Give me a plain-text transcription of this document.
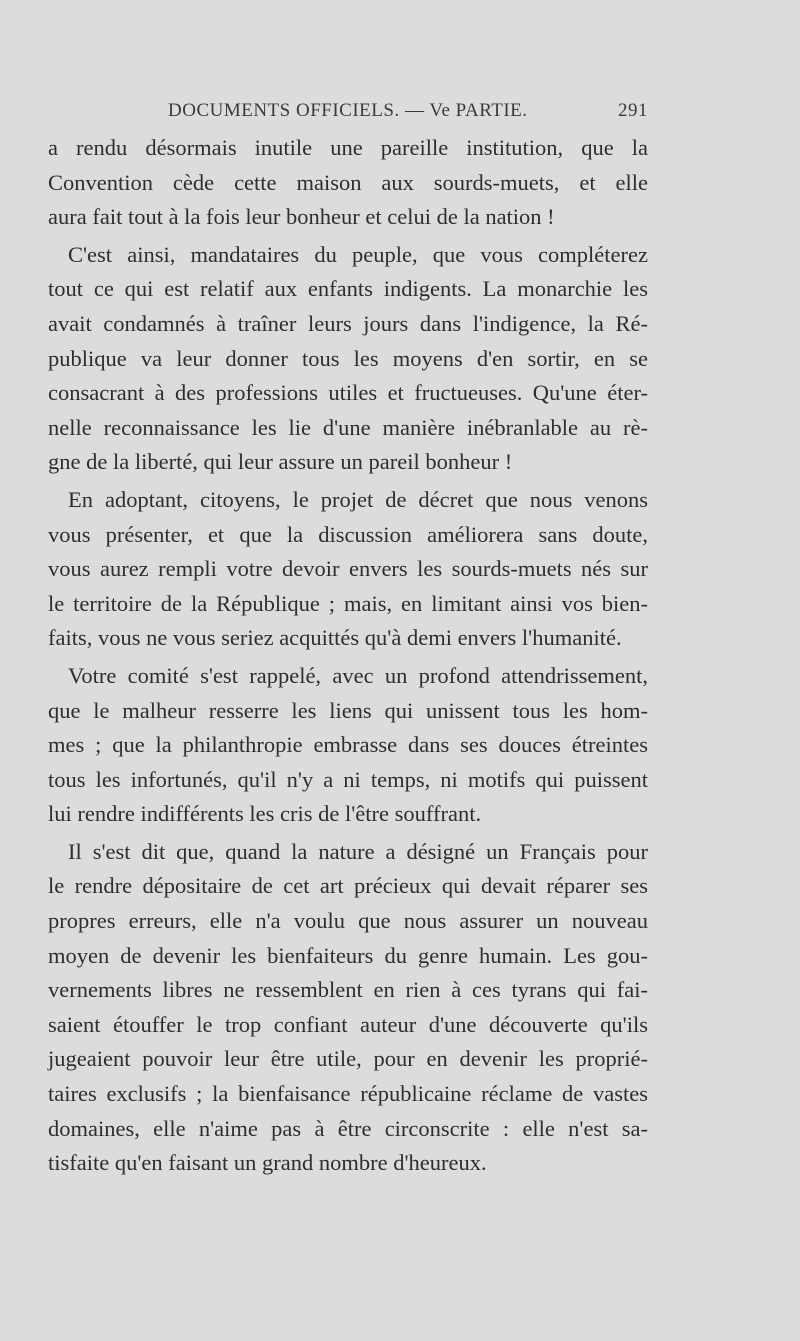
DOCUMENTS OFFICIELS. — Ve PARTIE.	291
a rendu désormais inutile une pareille institution, que la
Convention cède cette maison aux sourds-muets, et elle
aura fait tout à la fois leur bonheur et celui de la nation !
C'est ainsi, mandataires du peuple, que vous compléterez
tout ce qui est relatif aux enfants indigents. La monarchie les
avait condamnés à traîner leurs jours dans l'indigence, la Ré-
publique va leur donner tous les moyens d'en sortir, en se
consacrant à des professions utiles et fructueuses. Qu'une éter-
nelle reconnaissance les lie d'une manière inébranlable au rè-
gne de la liberté, qui leur assure un pareil bonheur !
En adoptant, citoyens, le projet de décret que nous venons
vous présenter, et que la discussion améliorera sans doute,
vous aurez rempli votre devoir envers les sourds-muets nés sur
le territoire de la République ; mais, en limitant ainsi vos bien-
faits, vous ne vous seriez acquittés qu'à demi envers l'humanité.
Votre comité s'est rappelé, avec un profond attendrissement,
que le malheur resserre les liens qui unissent tous les hom-
mes ; que la philanthropie embrasse dans ses douces étreintes
tous les infortunés, qu'il n'y a ni temps, ni motifs qui puissent
lui rendre indifférents les cris de l'être souffrant.
Il s'est dit que, quand la nature a désigné un Français pour
le rendre dépositaire de cet art précieux qui devait réparer ses
propres erreurs, elle n'a voulu que nous assurer un nouveau
moyen de devenir les bienfaiteurs du genre humain. Les gou-
vernements libres ne ressemblent en rien à ces tyrans qui fai-
saient étouffer le trop confiant auteur d'une découverte qu'ils
jugeaient pouvoir leur être utile, pour en devenir les proprié-
taires exclusifs ; la bienfaisance républicaine réclame de vastes
domaines, elle n'aime pas à être circonscrite : elle n'est sa-
tisfaite qu'en faisant un grand nombre d'heureux.
